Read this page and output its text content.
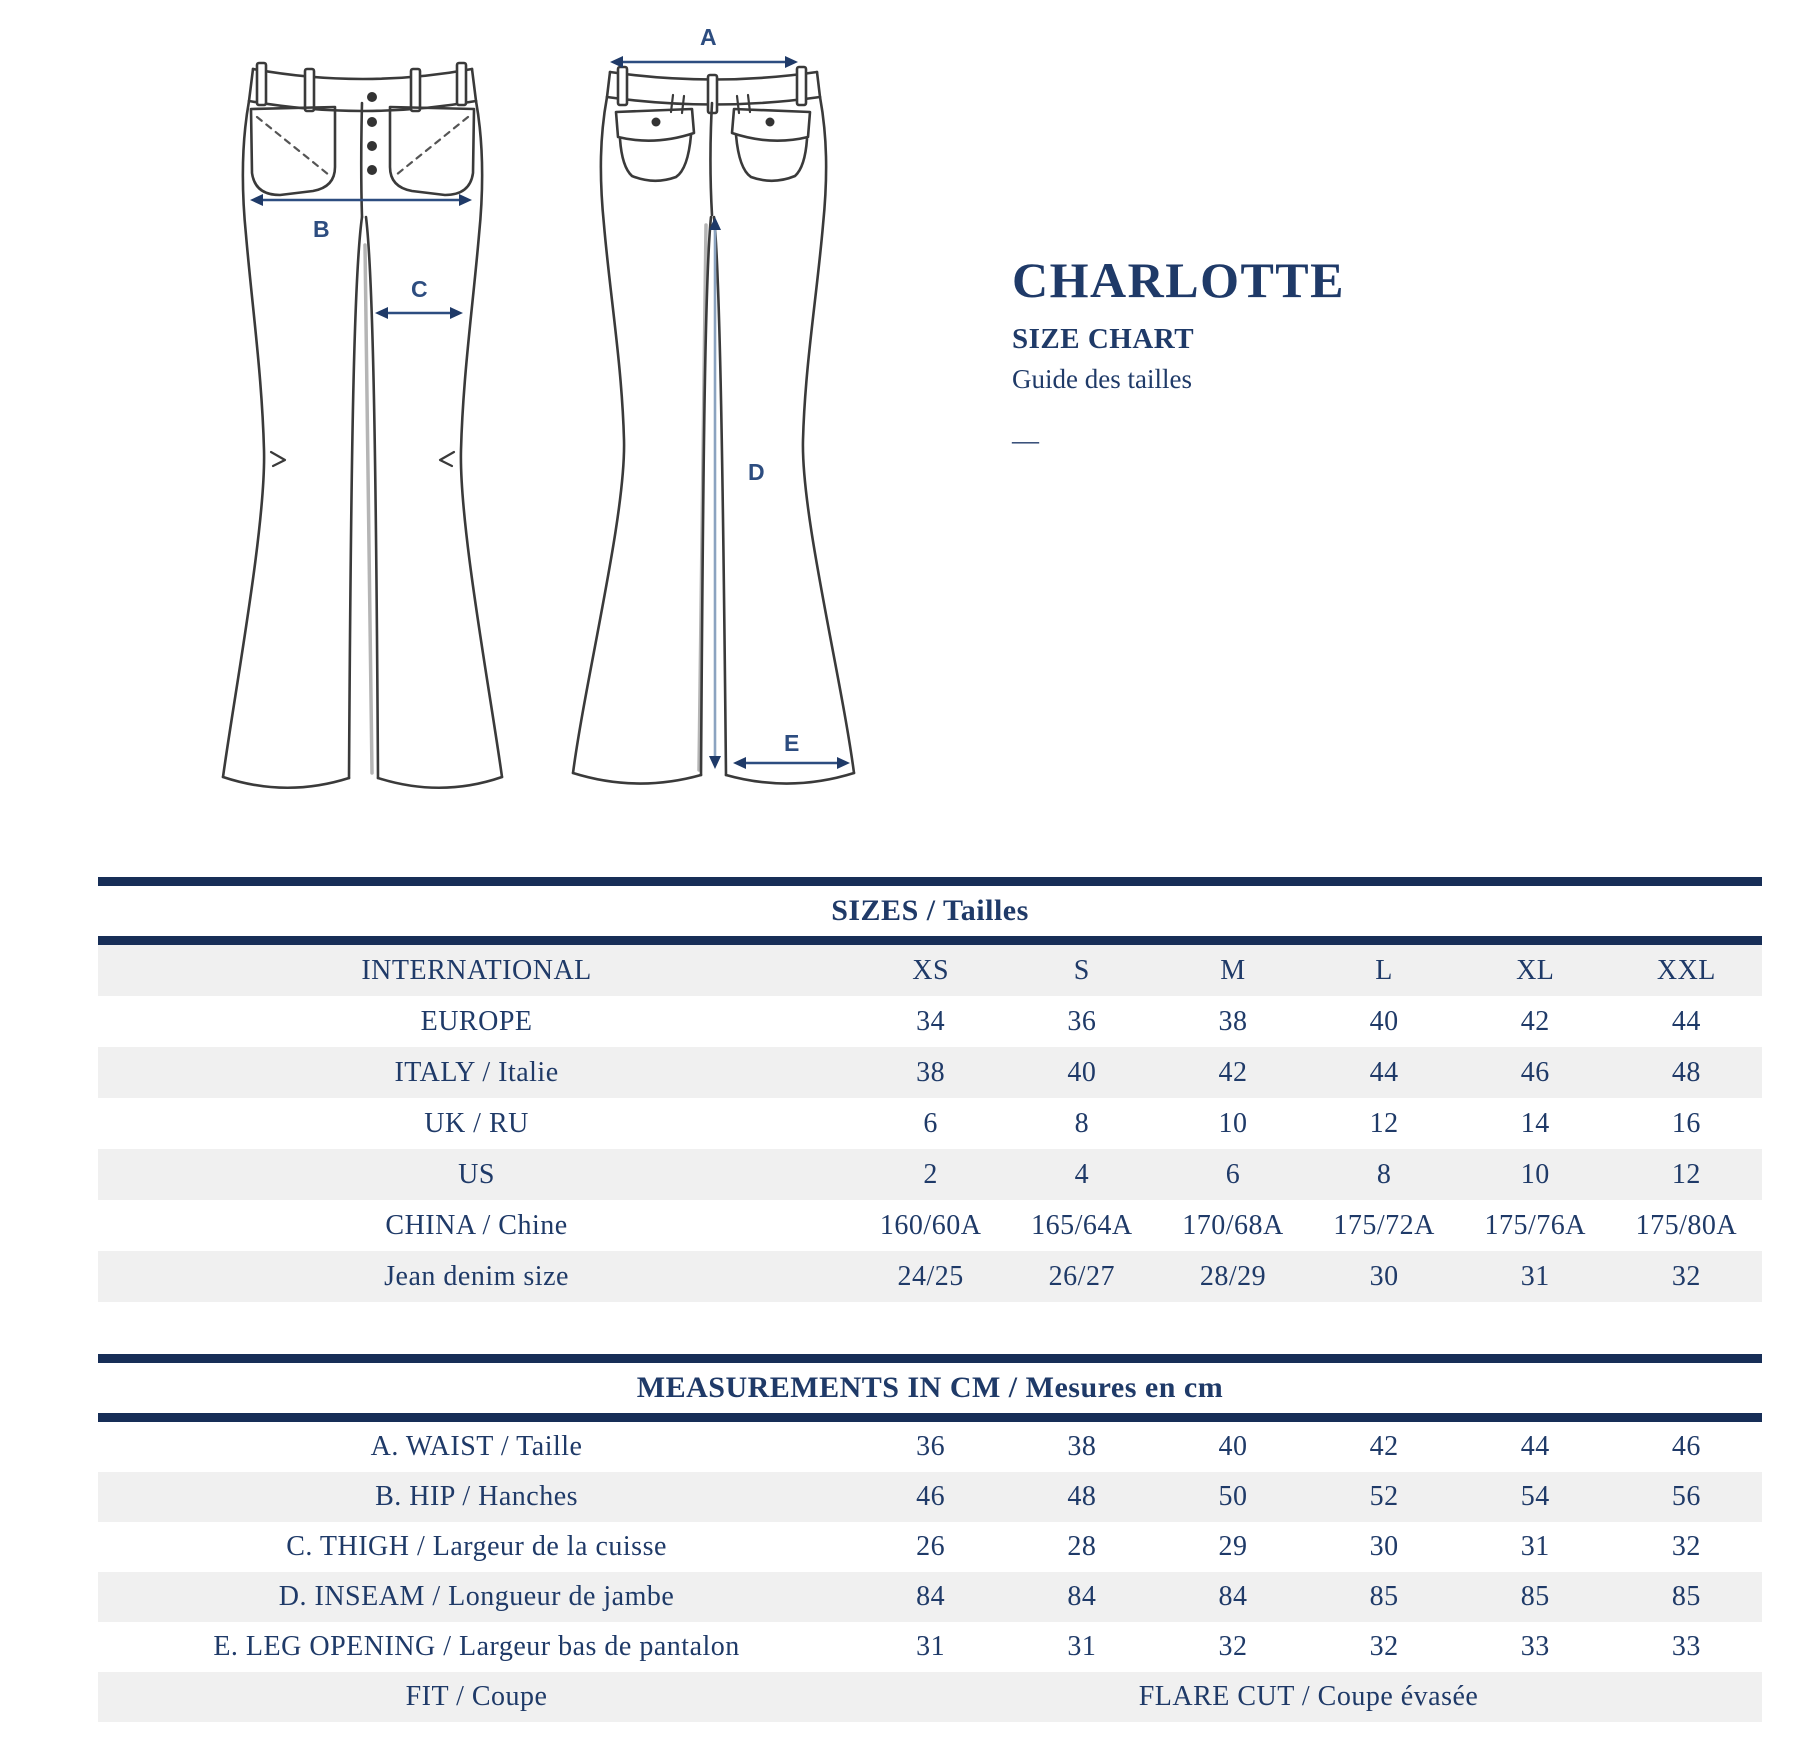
B
C
A
D
E
CHARLOTTE
SIZE CHART
Guide des tailles
—
SIZES / Tailles
INTERNATIONAL	XS	S	M	L	XL	XXL
EUROPE	34	36	38	40	42	44
ITALY / Italie	38	40	42	44	46	48
UK / RU	6	8	10	12	14	16
US	2	4	6	8	10	12
CHINA / Chine	160/60A	165/64A	170/68A	175/72A	175/76A	175/80A
Jean denim size	24/25	26/27	28/29	30	31	32
MEASUREMENTS IN CM / Mesures en cm
A. WAIST / Taille	36	38	40	42	44	46
B. HIP / Hanches	46	48	50	52	54	56
C. THIGH / Largeur de la cuisse	26	28	29	30	31	32
D. INSEAM / Longueur de jambe	84	84	84	85	85	85
E. LEG OPENING / Largeur bas de pantalon	31	31	32	32	33	33
FIT / Coupe	FLARE CUT / Coupe évasée
